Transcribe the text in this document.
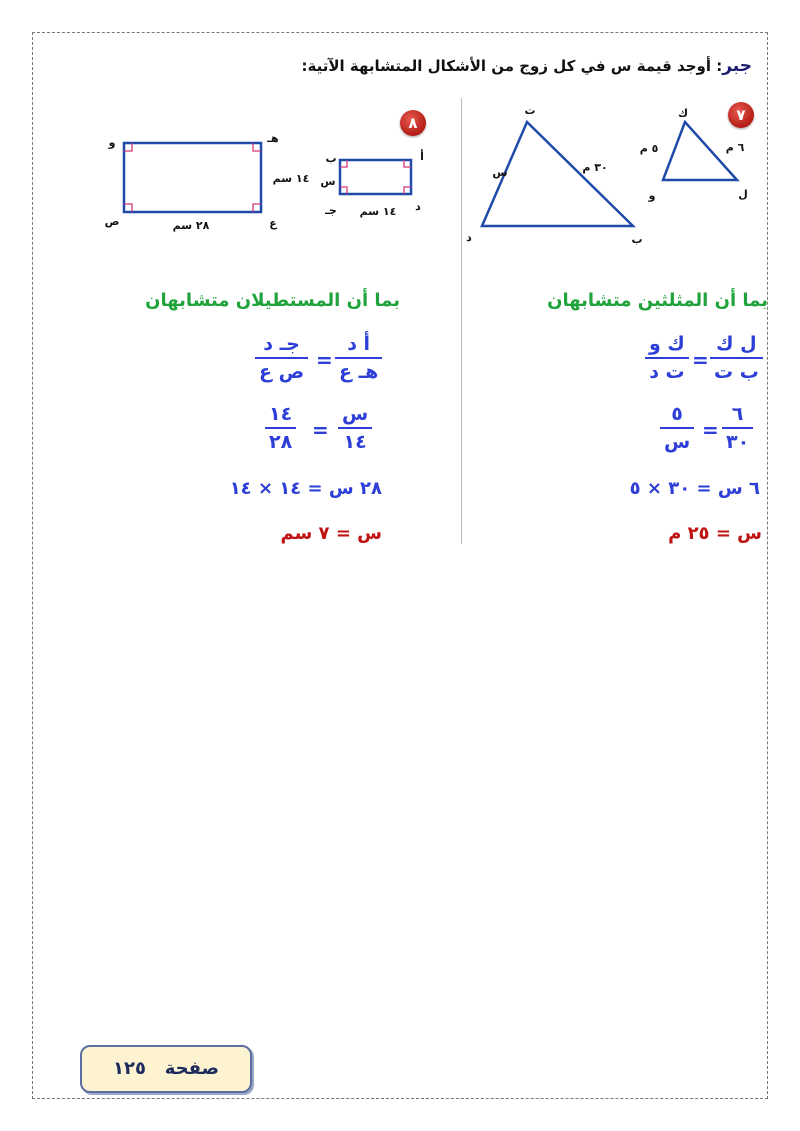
جبر: أوجد قيمة س في كل زوج من الأشكال المتشابهة الآتية:
٧
ك
و	ل
٥ م	٦ م
ت
د	ب
س	٣٠ م
٨
و	هـ
ص	ع
١٤ سم
٢٨ سم
ب	أ
جـ	د
س
١٤ سم
بما أن المثلثين متشابهان
ل ك
ب ت
=
ك و
ت د
٦
٣٠
=
٥
س
٦ س = ٣٠ × ٥
س = ٢٥ م
بما أن المستطيلان متشابهان
أ د
هـ ع
=
جـ د
ص ع
س
١٤
=
١٤
٢٨
٢٨ س = ١٤ × ١٤
س = ٧ سم
صفحة   ١٢٥
